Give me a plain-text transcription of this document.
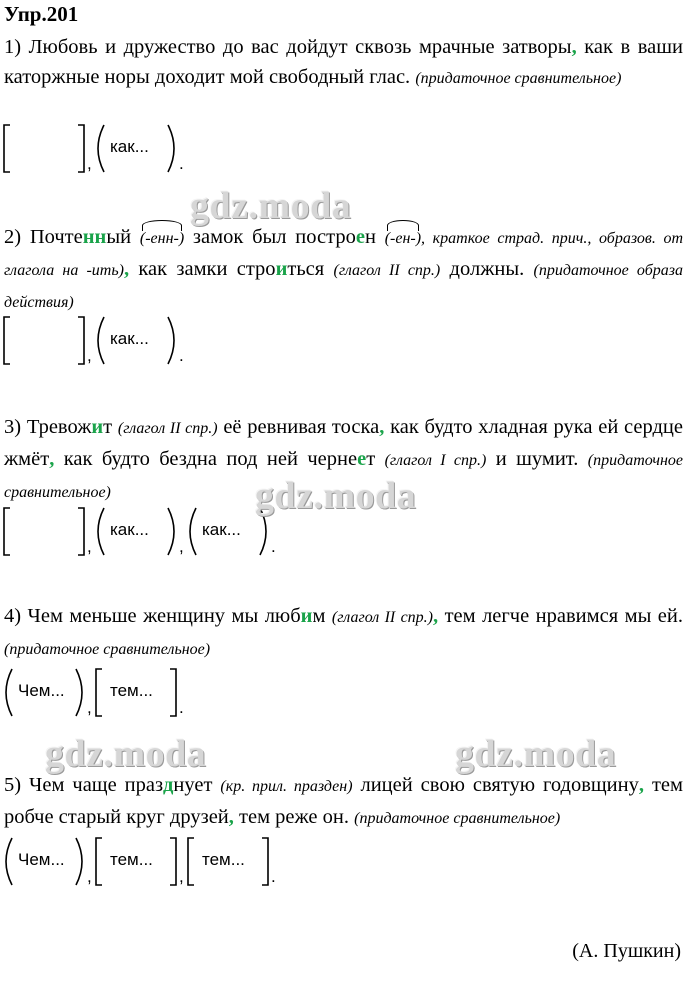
Упр.201
1) Любовь и дружество до вас дойдут сквозь мрачные затворы, как в ваши каторжные норы доходит мой свободный глас. (придаточное сравнительное)
,
как...
.
2) Почтенный (-енн-)
замок был построен (-ен-)
, краткое страд. прич., образов. от глагола на -ить), как замки строиться (глагол II спр.) должны. (придаточное образа действия)
,
как...
.
3) Тревожит (глагол II спр.) её ревнивая тоска, как будто хладная рука ей сердце жмёт, как будто бездна под ней чернеет (глагол I спр.) и шумит. (придаточное сравнительное)
,
как...
,
как...
.
4) Чем меньше женщину мы любим (глагол II спр.), тем легче нравимся мы ей. (придаточное сравнительное)
Чем...
,
тем...
.
5) Чем чаще празднует (кр. прил. празден) лицей свою святую годовщину, тем робче старый круг друзей, тем реже он. (придаточное сравнительное)
Чем...
,
тем...
,
тем...
.
gdz.moda
gdz.moda
gdz.moda	gdz.moda
(А. Пушкин)
